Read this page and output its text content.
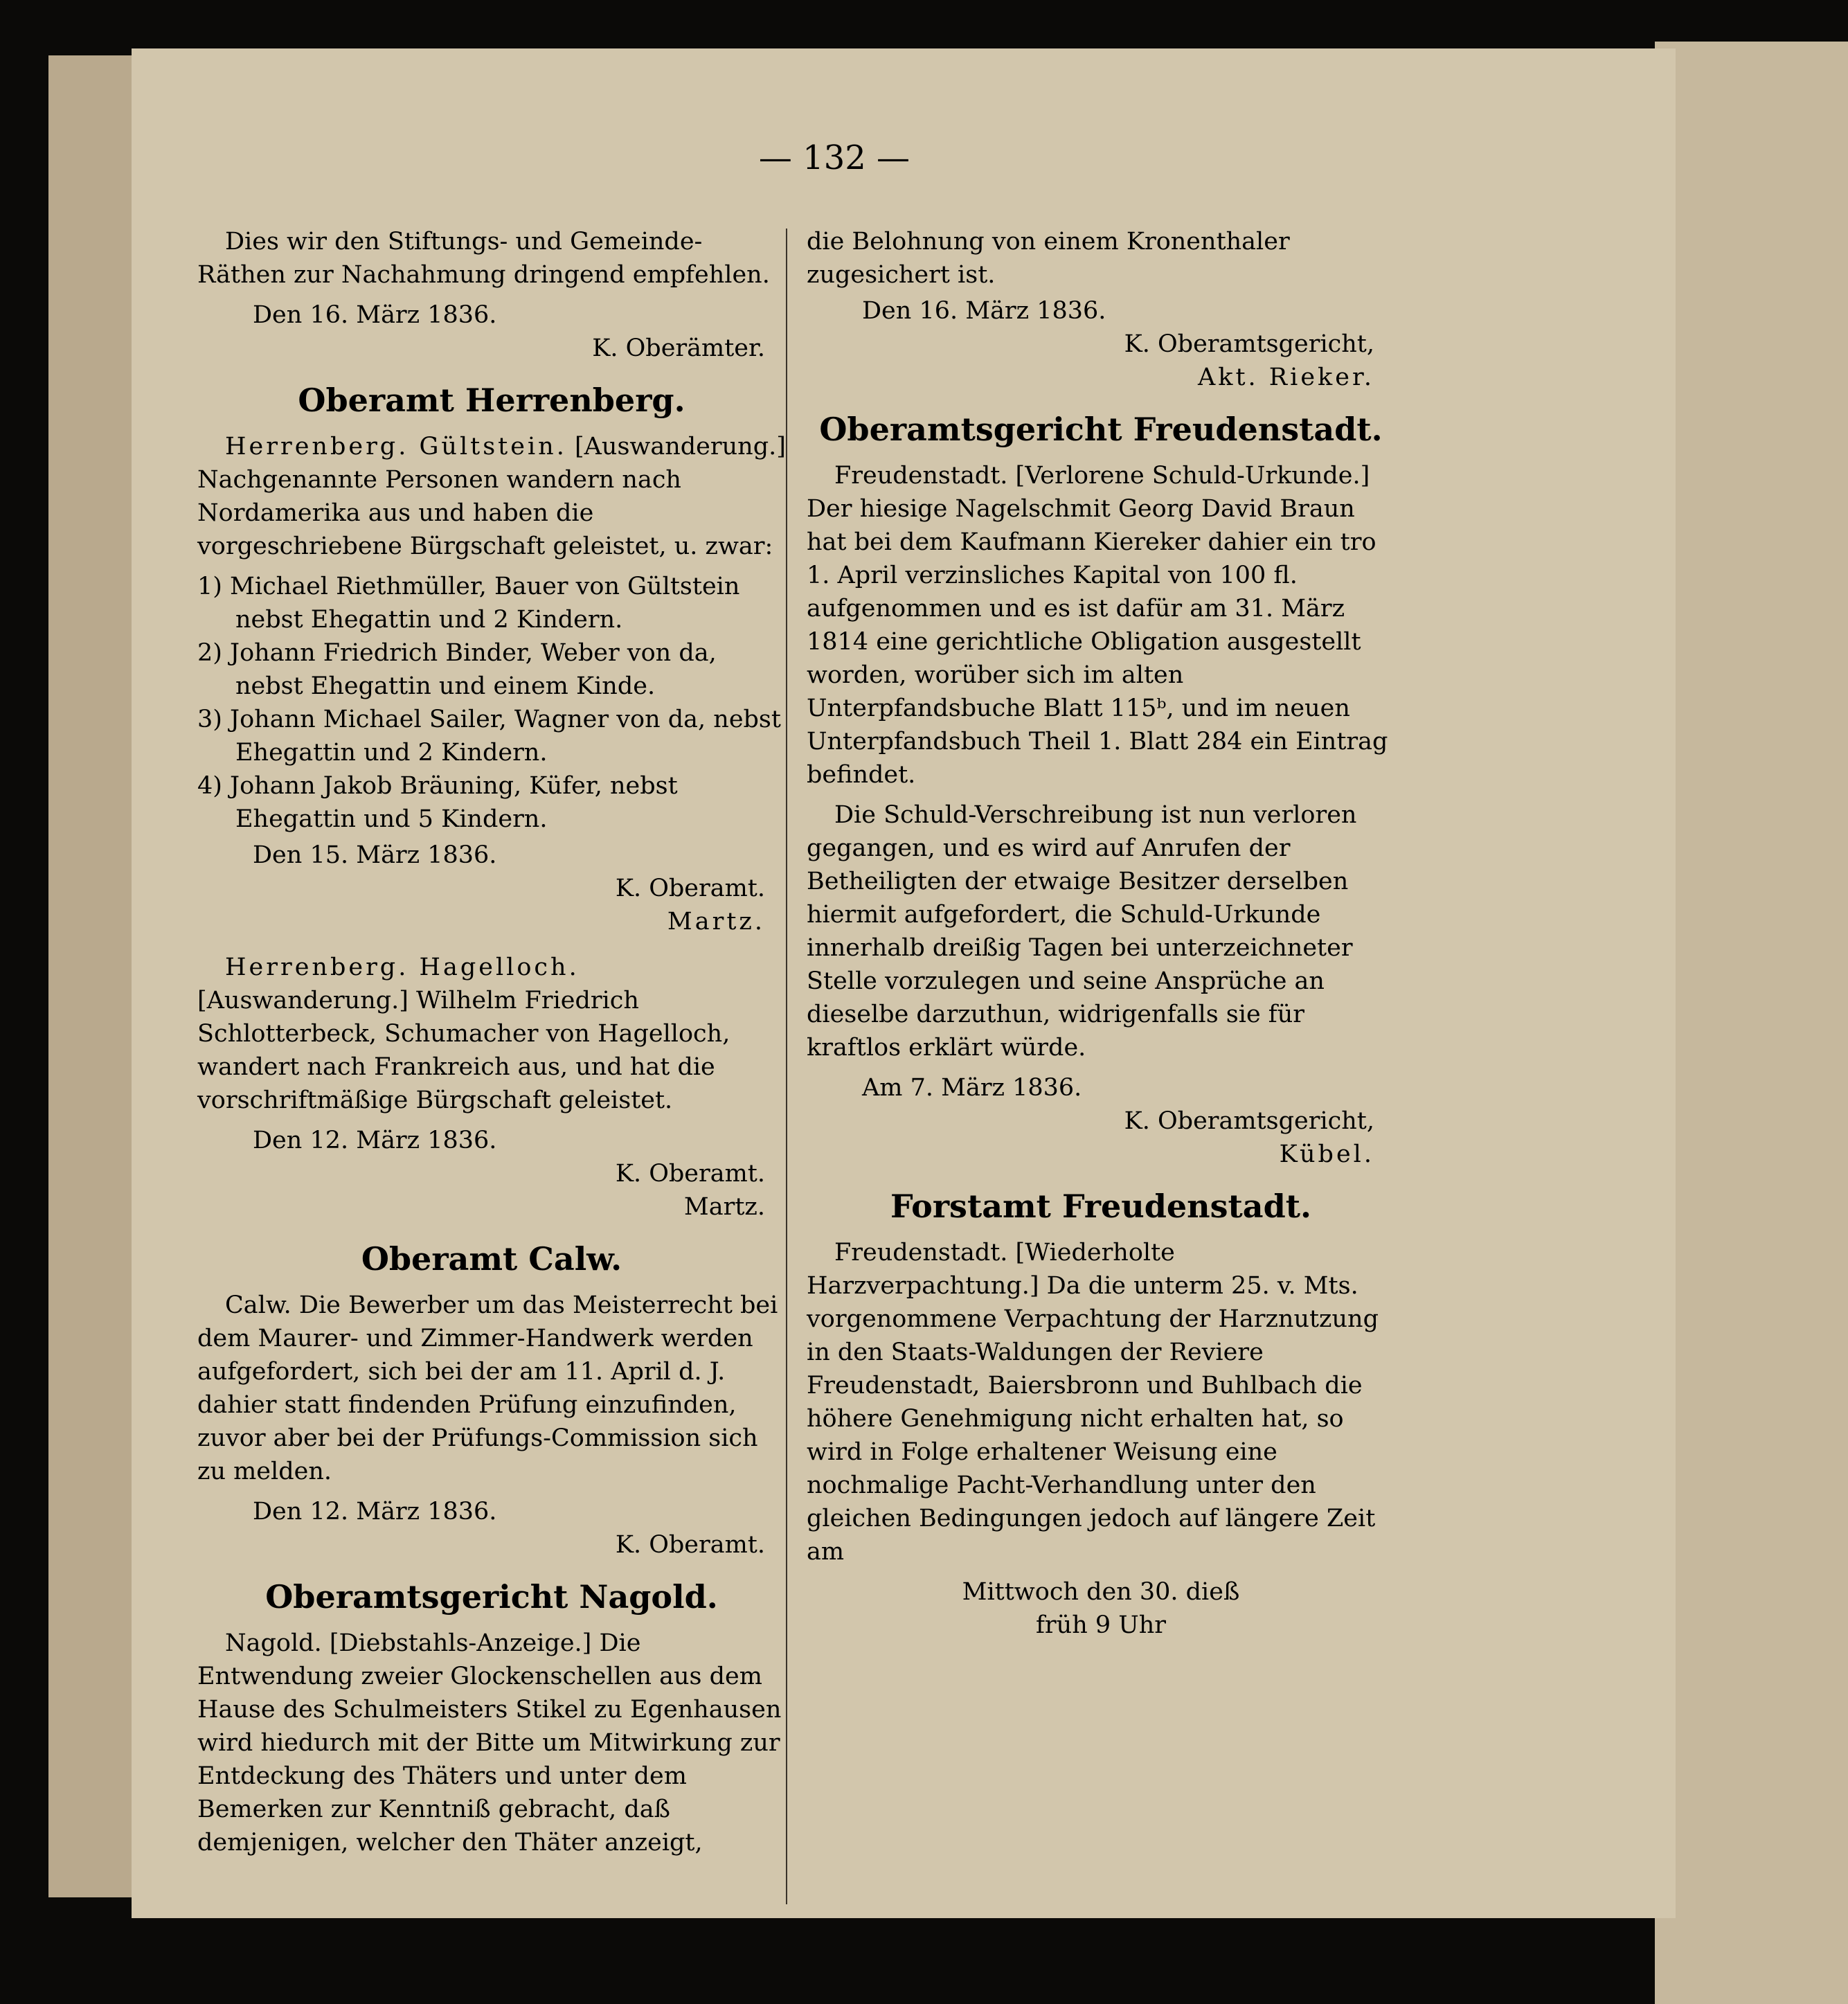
— 132 —

Dies wir den Stiftungs- und Gemeinde-Räthen zur Nachahmung dringend empfehlen.

Den 16. März 1836.

K. Oberämter.

Oberamt Herrenberg.

Herrenberg. Gültstein. [Auswanderung.] Nachgenannte Personen wandern nach Nordamerika aus und haben die vorgeschriebene Bürgschaft geleistet, u. zwar:

1) Michael Riethmüller, Bauer von Gültstein nebst Ehegattin und 2 Kindern.

2) Johann Friedrich Binder, Weber von da, nebst Ehegattin und einem Kinde.

3) Johann Michael Sailer, Wagner von da, nebst Ehegattin und 2 Kindern.

4) Johann Jakob Bräuning, Küfer, nebst Ehegattin und 5 Kindern.

Den 15. März 1836.

K. Oberamt.

Martz.

Herrenberg. Hagelloch. [Auswanderung.] Wilhelm Friedrich Schlotterbeck, Schumacher von Hagelloch, wandert nach Frankreich aus, und hat die vorschriftmäßige Bürgschaft geleistet.

Den 12. März 1836.

K. Oberamt.

Martz.

Oberamt Calw.

Calw. Die Bewerber um das Meisterrecht bei dem Maurer- und Zimmer-Handwerk werden aufgefordert, sich bei der am 11. April d. J. dahier statt findenden Prüfung einzufinden, zuvor aber bei der Prüfungs-Commission sich zu melden.

Den 12. März 1836.

K. Oberamt.

Oberamtsgericht Nagold.

Nagold. [Diebstahls-Anzeige.] Die Entwendung zweier Glockenschellen aus dem Hause des Schulmeisters Stikel zu Egenhausen wird hiedurch mit der Bitte um Mitwirkung zur Entdeckung des Thäters und unter dem Bemerken zur Kenntniß gebracht, daß demjenigen, welcher den Thäter anzeigt,

die Belohnung von einem Kronenthaler zugesichert ist.

Den 16. März 1836.

K. Oberamtsgericht,

Akt. Rieker.

Oberamtsgericht Freudenstadt.

Freudenstadt. [Verlorene Schuld-Urkunde.] Der hiesige Nagelschmit Georg David Braun hat bei dem Kaufmann Kiereker dahier ein tro 1. April verzinsliches Kapital von 100 fl. aufgenommen und es ist dafür am 31. März 1814 eine gerichtliche Obligation ausgestellt worden, worüber sich im alten Unterpfandsbuche Blatt 115ᵇ, und im neuen Unterpfandsbuch Theil 1. Blatt 284 ein Eintrag befindet.

Die Schuld-Verschreibung ist nun verloren gegangen, und es wird auf Anrufen der Betheiligten der etwaige Besitzer derselben hiermit aufgefordert, die Schuld-Urkunde innerhalb dreißig Tagen bei unterzeichneter Stelle vorzulegen und seine Ansprüche an dieselbe darzuthun, widrigenfalls sie für kraftlos erklärt würde.

Am 7. März 1836.

K. Oberamtsgericht,

Kübel.

Forstamt Freudenstadt.

Freudenstadt. [Wiederholte Harzverpachtung.] Da die unterm 25. v. Mts. vorgenommene Verpachtung der Harznutzung in den Staats-Waldungen der Reviere Freudenstadt, Baiersbronn und Buhlbach die höhere Genehmigung nicht erhalten hat, so wird in Folge erhaltener Weisung eine nochmalige Pacht-Verhandlung unter den gleichen Bedingungen jedoch auf längere Zeit am

Mittwoch den 30. dieß

früh 9 Uhr
